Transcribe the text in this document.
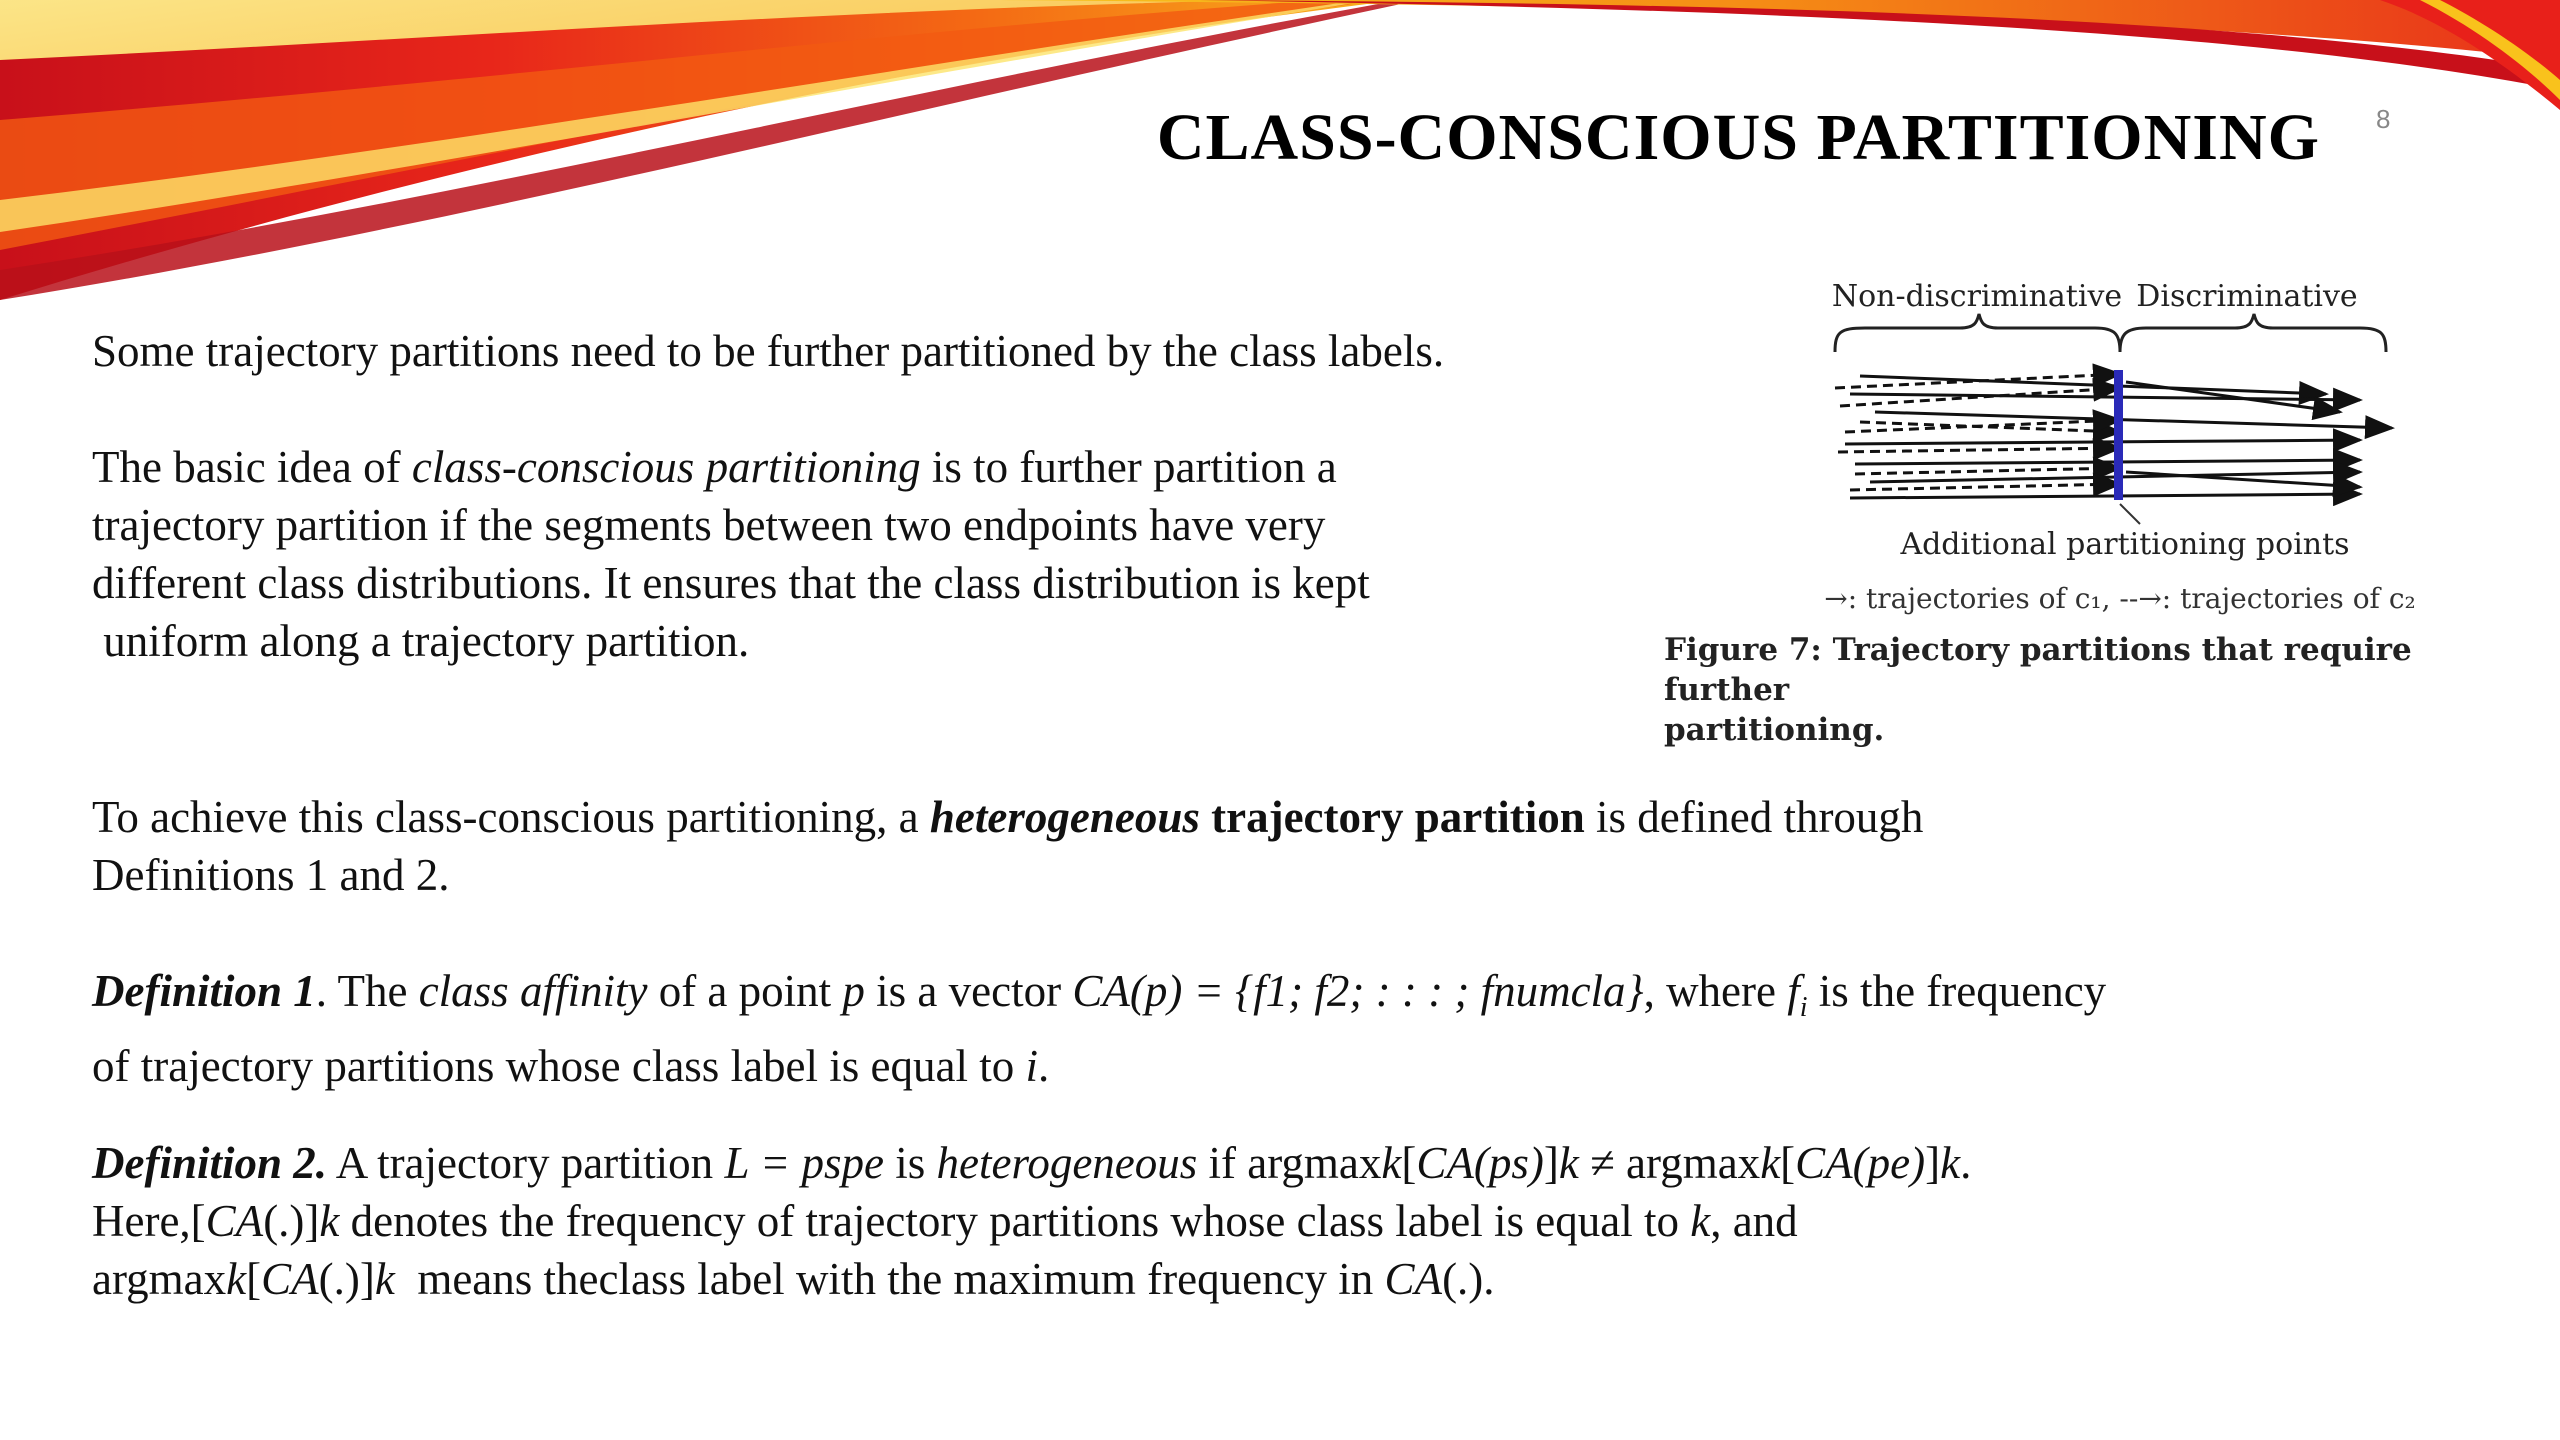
CLASS-CONSCIOUS PARTITIONING 8
Some trajectory partitions need to be further partitioned by the class labels.
The basic idea of class-conscious partitioning is to further partition a
trajectory partition if the segments between two endpoints have very
different class distributions. It ensures that the class distribution is kept
uniform along a trajectory partition.
To achieve this class-conscious partitioning, a heterogeneous trajectory partition is defined through
Definitions 1 and 2.
Definition 1. The class affinity of a point p is a vector CA(p) = {f1; f2; : : : ; fnumcla}, where $f_i$ is the frequency
of trajectory partitions whose class label is equal to i.
Definition 2. A trajectory partition L = pspe is heterogeneous if argmaxk[CA(ps)]k ≠ argmaxk[CA(pe)]k.
Here,[CA(.)]k denotes the frequency of trajectory partitions whose class label is equal to k, and
argmaxk[CA(.)]k  means theclass label with the maximum frequency in CA(.).
Non-discriminative Discriminative
Additional partitioning points
→: trajectories of c₁, --→: trajectories of c₂
Figure 7: Trajectory partitions that require further
partitioning.
